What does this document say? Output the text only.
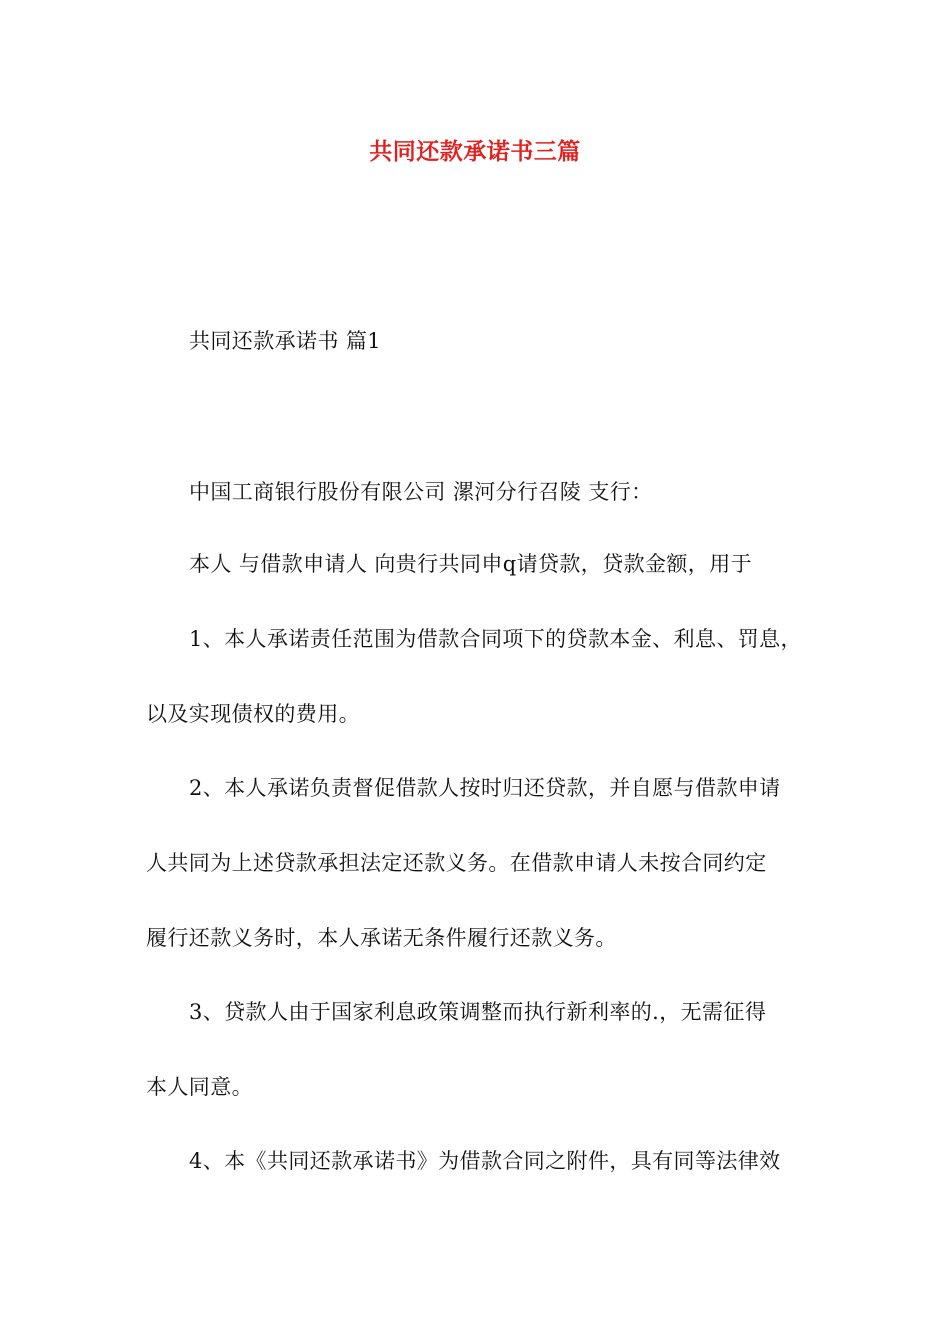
共同还款承诺书三篇
共同还款承诺书 篇1
中国工商银行股份有限公司 漯河分行召陵 支行：
本人 与借款申请人 向贵行共同申q请贷款，贷款金额，用于
1、本人承诺责任范围为借款合同项下的贷款本金、利息、罚息，
以及实现债权的费用。
2、本人承诺负责督促借款人按时归还贷款，并自愿与借款申请
人共同为上述贷款承担法定还款义务。在借款申请人未按合同约定
履行还款义务时，本人承诺无条件履行还款义务。
3、贷款人由于国家利息政策调整而执行新利率的.，无需征得
本人同意。
4、本《共同还款承诺书》为借款合同之附件，具有同等法律效
